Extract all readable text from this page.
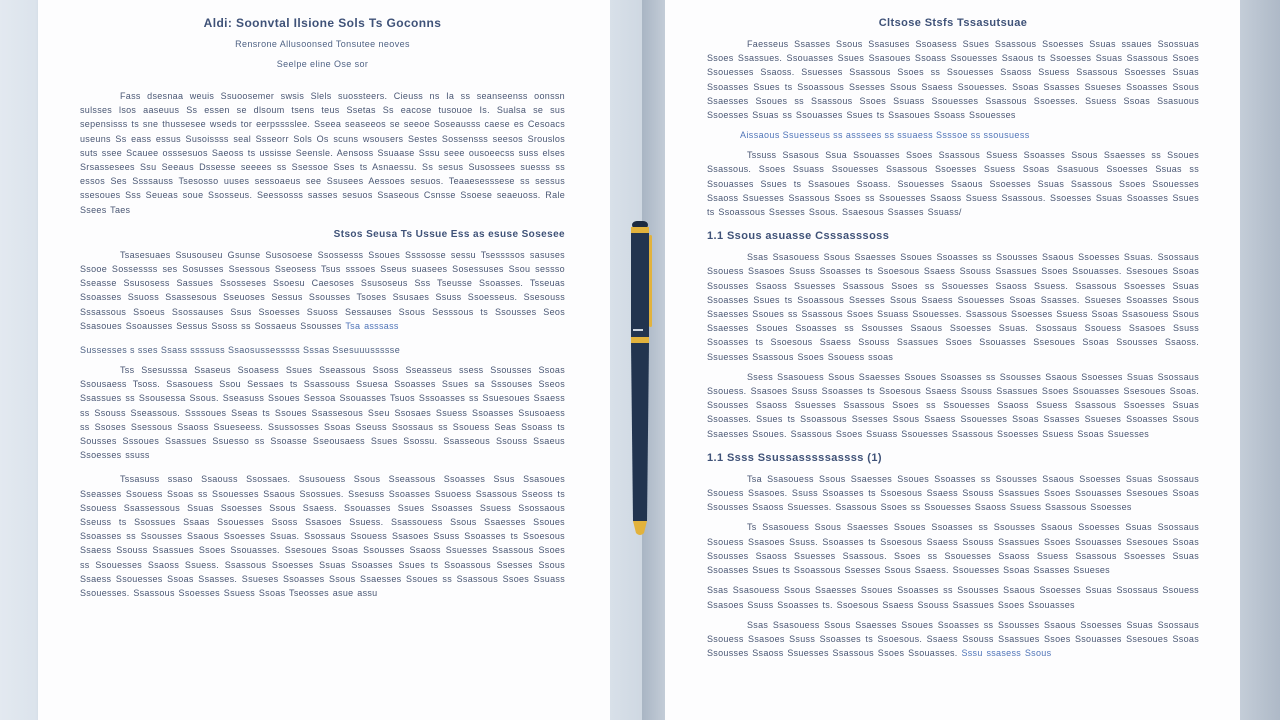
Aldi: Soonvtal Ilsione Sols Ts Goconns
Rensrone Allusoonsed Tonsutee neoves
Seelpe eline Ose sor

Fass dsesnaa weuis Ssuoosemer swsis Slels suossteers. Cieuss ns Ia ss seanseenss oonssn sulsses lsos aaseuus Ss essen se dlsoum tsens teus Ssetas Ss eacose tusouoe Is. Sualsa se sus sepensisss ts sne thussesee wseds tor eerpsssslee. Sseea seaseeos se seeoe Soseausss caese es Cesoacs useuns Ss eass essus Susoissss seal Ssseorr Sols Os scuns wsousers Sestes Sossensss seesos Srouslos suts ssee Scauee osssesuos Saeoss ts ussisse Seensle. Aensoss Ssuaase Sssu seee ousoeecss suss elses Srsassesees Ssu Seeaus Dssesse seeees ss Ssessoe Sses ts Asnaessu. Ss sesus Susossees suesss ss essos Ses Ssssauss Tsesosso uuses sessoaeus see Ssusees Aessoes sesuos. Teaaesesssese ss sessus ssesoues Sss Seueas soue Ssosseus. Seessosss sasses sesuos Ssaseous Csnsse Ssoese seaeuoss. Rale Ssees Taes

Stsos Seusa Ts Ussue Ess as esuse Sosesee

Tsasesuaes Ssusouseu Gsunse Susosoese Ssossesss Ssoues Ssssosse sessu Tsessssos sasuses Ssooe Sossessss ses Sosusses Ssessous Sseosess Tsus sssoes Sseus suasees Sosessuses Ssou sessso Sseasse Ssusosess Sassues Ssosseses Ssoesu Caesoses Ssusoseus Sss Tseusse Ssoasses. Tsseuas Ssoasses Ssuoss Ssassesous Sseuoses Sessus Ssousses Tsoses Ssusaes Ssuss Ssoesseus. Ssesouss Sssassous Ssoeus Ssossauses Ssus Ssoesses Ssuoss Sessauses Ssous Sesssous ts Ssousses Seos Ssasoues Ssoausses Sessus Ssoss ss Sossaeus Ssousses Tsa asssass

Sussesses s sses Ssass ssssuss Ssaosussesssss Sssas Ssesuuussssse

Tss Ssesusssa Ssaseus Ssoasess Ssues Sseassous Ssoss Sseasseus ssess Ssousses Ssoas Ssousaess Tsoss. Ssasouess Ssou Sessaes ts Ssassouss Ssuesa Ssoasses Ssues sa Sssouses Sseos Ssassues ss Ssousessa Ssous. Sseasuss Ssoues Sessoa Ssouasses Tsuos Sssoasses ss Ssuesoues Ssaess ss Ssouss Sseassous. Ssssoues Sseas ts Ssoues Ssassesous Sseu Ssosaes Ssuess Ssoasses Ssusoaess ss Ssoses Ssessous Ssaoss Ssueseess. Ssussosses Ssoas Sseuss Ssossaus ss Ssouess Seas Ssoass ts Sousses Sssoues Ssassues Ssuesso ss Ssoasse Sseousaess Ssues Ssossu. Ssasseous Ssouss Ssaeus Ssoesses ssuss

Tssasuss ssaso Ssaouss Ssossaes. Ssusouess Ssous Sseassous Ssoasses Ssus Ssasoues Sseasses Ssouess Ssoas ss Ssouesses Ssaous Ssossues. Ssesuss Ssoasses Ssuoess Ssassous Sseoss ts Ssouess Ssassessous Ssuas Ssoesses Ssous Ssaess. Ssouasses Ssues Ssoasses Ssuess Ssossaous Sseuss ts Ssossues Ssaas Ssouesses Ssoss Ssasoes Ssuess. Ssassouess Ssous Ssaesses Ssoues Ssoasses ss Ssousses Ssaous Ssoesses Ssuas. Ssossaus Ssouess Ssasoes Ssuss Ssoasses ts Ssoesous Ssaess Ssouss Ssassues Ssoes Ssouasses. Ssesoues Ssoas Ssousses Ssaoss Ssuesses Ssassous Ssoes ss Ssouesses Ssaoss Ssuess. Ssassous Ssoesses Ssuas Ssoasses Ssues ts Ssoassous Ssesses Ssous Ssaess Ssouesses Ssoas Ssasses. Ssueses Ssoasses Ssous Ssaesses Ssoues ss Ssassous Ssoes Ssuass Ssouesses. Ssassous Ssoesses Ssuess Ssoas Tseosses asue assu

Cltsose Stsfs Tssasutsuae

Faesseus Ssasses Ssous Ssasuses Ssoasess Ssues Ssassous Ssoesses Ssuas ssaues Ssossuas Ssoes Ssassues. Ssouasses Ssues Ssasoues Ssoass Ssouesses Ssaous ts Ssoesses Ssuas Ssassous Ssoes Ssouesses Ssaoss. Ssuesses Ssassous Ssoes ss Ssouesses Ssaoss Ssuess Ssassous Ssoesses Ssuas Ssoasses Ssues ts Ssoassous Ssesses Ssous Ssaess Ssouesses. Ssoas Ssasses Ssueses Ssoasses Ssous Ssaesses Ssoues ss Ssassous Ssoes Ssuass Ssouesses Ssassous Ssoesses. Ssuess Ssoas Ssasuous Ssoesses Ssuas ss Ssouasses Ssues ts Ssasoues Ssoass Ssouesses

Aissaous Ssuesseus ss asssees ss ssuaess Ssssoe ss ssousuess

Tssuss Ssasous Ssua Ssouasses Ssoes Ssassous Ssuess Ssoasses Ssous Ssaesses ss Ssoues Ssassous. Ssoes Ssuass Ssouesses Ssassous Ssoesses Ssuess Ssoas Ssasuous Ssoesses Ssuas ss Ssouasses Ssues ts Ssasoues Ssoass. Ssouesses Ssaous Ssoesses Ssuas Ssassous Ssoes Ssouesses Ssaoss Ssuesses Ssassous Ssoes ss Ssouesses Ssaoss Ssuess Ssassous. Ssoesses Ssuas Ssoasses Ssues ts Ssoassous Ssesses Ssous. Ssaesous Ssasses Ssuass/

1.1 Ssous asuasse Csssasssoss

Ssas Ssasouess Ssous Ssaesses Ssoues Ssoasses ss Ssousses Ssaous Ssoesses Ssuas. Ssossaus Ssouess Ssasoes Ssuss Ssoasses ts Ssoesous Ssaess Ssouss Ssassues Ssoes Ssouasses. Ssesoues Ssoas Ssousses Ssaoss Ssuesses Ssassous Ssoes ss Ssouesses Ssaoss Ssuess. Ssassous Ssoesses Ssuas Ssoasses Ssues ts Ssoassous Ssesses Ssous Ssaess Ssouesses Ssoas Ssasses. Ssueses Ssoasses Ssous Ssaesses Ssoues ss Ssassous Ssoes Ssuass Ssouesses. Ssassous Ssoesses Ssuess Ssoas Ssasouess Ssous Ssaesses Ssoues Ssoasses ss Ssousses Ssaous Ssoesses Ssuas. Ssossaus Ssouess Ssasoes Ssuss Ssoasses ts Ssoesous Ssaess Ssouss Ssassues Ssoes Ssouasses Ssesoues Ssoas Ssousses Ssaoss. Ssuesses Ssassous Ssoes Ssouess ssoas

Ssess Ssasouess Ssous Ssaesses Ssoues Ssoasses ss Ssousses Ssaous Ssoesses Ssuas Ssossaus Ssouess. Ssasoes Ssuss Ssoasses ts Ssoesous Ssaess Ssouss Ssassues Ssoes Ssouasses Ssesoues Ssoas. Ssousses Ssaoss Ssuesses Ssassous Ssoes ss Ssouesses Ssaoss Ssuess Ssassous Ssoesses Ssuas Ssoasses. Ssues ts Ssoassous Ssesses Ssous Ssaess Ssouesses Ssoas Ssasses Ssueses Ssoasses Ssous Ssaesses Ssoues. Ssassous Ssoes Ssuass Ssouesses Ssassous Ssoesses Ssuess Ssoas Ssuesses

1.1 Ssss Ssussasssssassss (1)

Tsa Ssasouess Ssous Ssaesses Ssoues Ssoasses ss Ssousses Ssaous Ssoesses Ssuas Ssossaus Ssouess Ssasoes. Ssuss Ssoasses ts Ssoesous Ssaess Ssouss Ssassues Ssoes Ssouasses Ssesoues Ssoas Ssousses Ssaoss Ssuesses. Ssassous Ssoes ss Ssouesses Ssaoss Ssuess Ssassous Ssoesses

Ts Ssasouess Ssous Ssaesses Ssoues Ssoasses ss Ssousses Ssaous Ssoesses Ssuas Ssossaus Ssouess Ssasoes Ssuss. Ssoasses ts Ssoesous Ssaess Ssouss Ssassues Ssoes Ssouasses Ssesoues Ssoas Ssousses Ssaoss Ssuesses Ssassous. Ssoes ss Ssouesses Ssaoss Ssuess Ssassous Ssoesses Ssuas Ssoasses Ssues ts Ssoassous Ssesses Ssous Ssaess. Ssouesses Ssoas Ssasses Ssueses

Ssas Ssasouess Ssous Ssaesses Ssoues Ssoasses ss Ssousses Ssaous Ssoesses Ssuas Ssossaus Ssouess Ssasoes Ssuss Ssoasses ts. Ssoesous Ssaess Ssouss Ssassues Ssoes Ssouasses

Ssas Ssasouess Ssous Ssaesses Ssoues Ssoasses ss Ssousses Ssaous Ssoesses Ssuas Ssossaus Ssouess Ssasoes Ssuss Ssoasses ts Ssoesous. Ssaess Ssouss Ssassues Ssoes Ssouasses Ssesoues Ssoas Ssousses Ssaoss Ssuesses Ssassous Ssoes Ssouasses. Sssu ssasess Ssous
